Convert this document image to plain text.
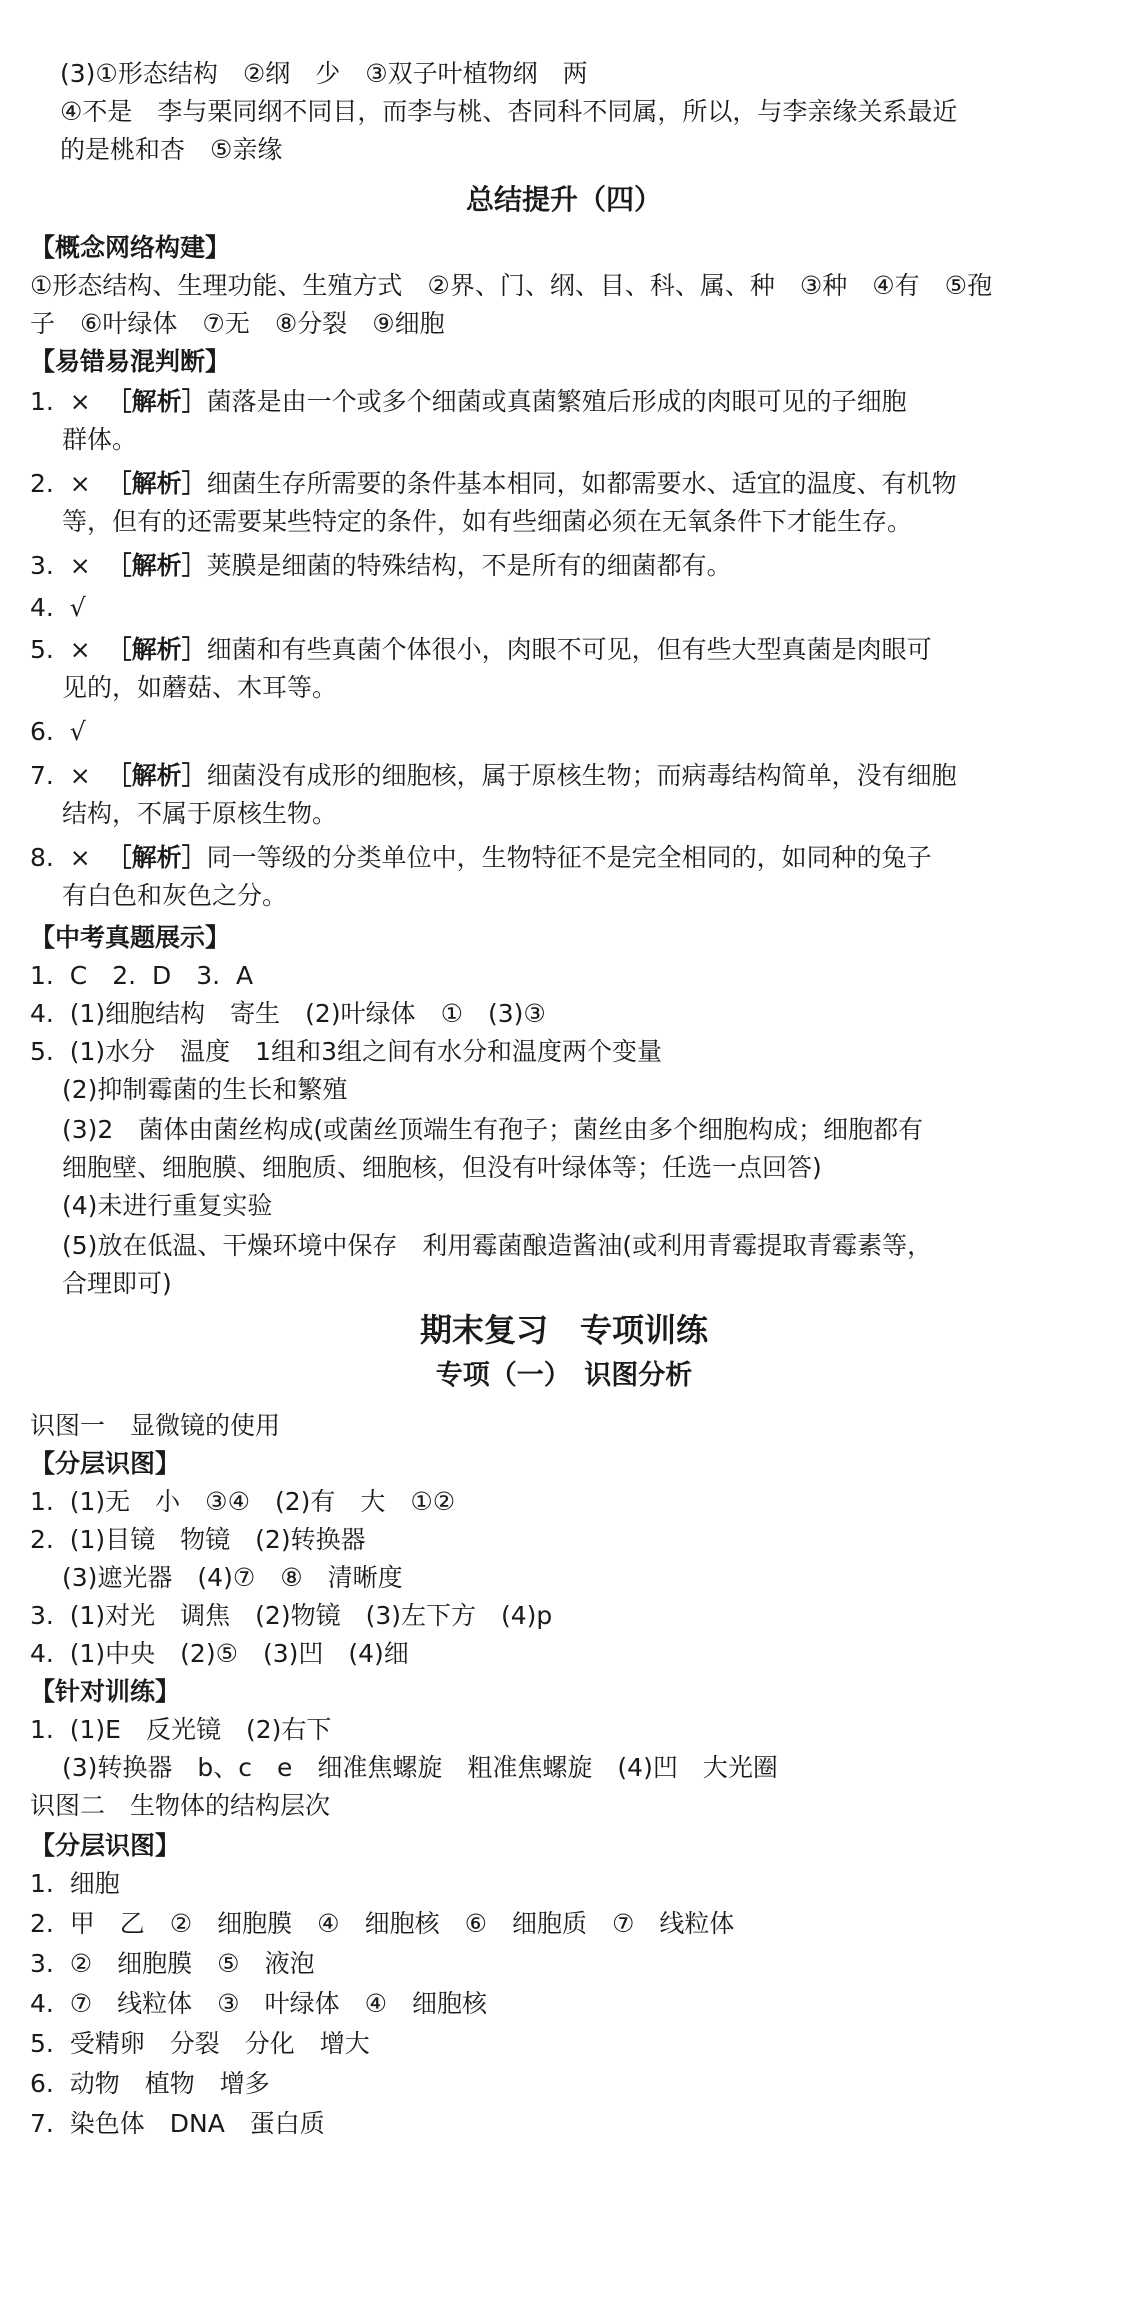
(3)①形态结构　②纲　少　③双子叶植物纲　两
④不是　李与栗同纲不同目，而李与桃、杏同科不同属，所以，与李亲缘关系最近
的是桃和杏　⑤亲缘
总结提升（四）
【概念网络构建】
①形态结构、生理功能、生殖方式　②界、门、纲、目、科、属、种　③种　④有　⑤孢
子　⑥叶绿体　⑦无　⑧分裂　⑨细胞
【易错易混判断】
1.  ×  ［解析］菌落是由一个或多个细菌或真菌繁殖后形成的肉眼可见的子细胞
群体。
2.  ×  ［解析］细菌生存所需要的条件基本相同，如都需要水、适宜的温度、有机物
等，但有的还需要某些特定的条件，如有些细菌必须在无氧条件下才能生存。
3.  ×  ［解析］荚膜是细菌的特殊结构，不是所有的细菌都有。
4.  √
5.  ×  ［解析］细菌和有些真菌个体很小，肉眼不可见，但有些大型真菌是肉眼可
见的，如蘑菇、木耳等。
6.  √
7.  ×  ［解析］细菌没有成形的细胞核，属于原核生物；而病毒结构简单，没有细胞
结构，不属于原核生物。
8.  ×  ［解析］同一等级的分类单位中，生物特征不是完全相同的，如同种的兔子
有白色和灰色之分。
【中考真题展示】
1.  C　2.  D　3.  A
4.  (1)细胞结构　寄生　(2)叶绿体　①　(3)③
5.  (1)水分　温度　1组和3组之间有水分和温度两个变量
(2)抑制霉菌的生长和繁殖
(3)2　菌体由菌丝构成(或菌丝顶端生有孢子；菌丝由多个细胞构成；细胞都有
细胞壁、细胞膜、细胞质、细胞核，但没有叶绿体等；任选一点回答)
(4)未进行重复实验
(5)放在低温、干燥环境中保存　利用霉菌酿造酱油(或利用青霉提取青霉素等，
合理即可)
期末复习　专项训练
专项（一）　识图分析
识图一　显微镜的使用
【分层识图】
1.  (1)无　小　③④　(2)有　大　①②
2.  (1)目镜　物镜　(2)转换器
(3)遮光器　(4)⑦　⑧　清晰度
3.  (1)对光　调焦　(2)物镜　(3)左下方　(4)p
4.  (1)中央　(2)⑤　(3)凹　(4)细
【针对训练】
1.  (1)E　反光镜　(2)右下
(3)转换器　b、c　e　细准焦螺旋　粗准焦螺旋　(4)凹　大光圈
识图二　生物体的结构层次
【分层识图】
1.  细胞
2.  甲　乙　②　细胞膜　④　细胞核　⑥　细胞质　⑦　线粒体
3.  ②　细胞膜　⑤　液泡
4.  ⑦　线粒体　③　叶绿体　④　细胞核
5.  受精卵　分裂　分化　增大
6.  动物　植物　增多
7.  染色体　DNA　蛋白质
